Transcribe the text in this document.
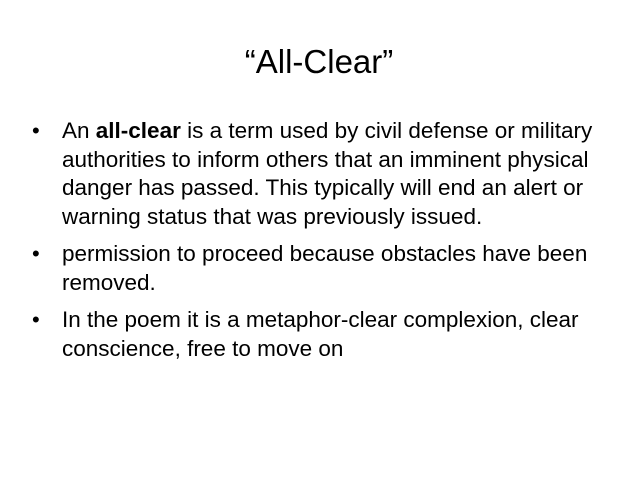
“All-Clear”
• An all-clear is a term used by civil defense or military authorities to inform others that an imminent physical danger has passed. This typically will end an alert or warning status that was previously issued.
• permission to proceed because obstacles have been removed.
• In the poem it is a metaphor-clear complexion, clear conscience, free to move on
